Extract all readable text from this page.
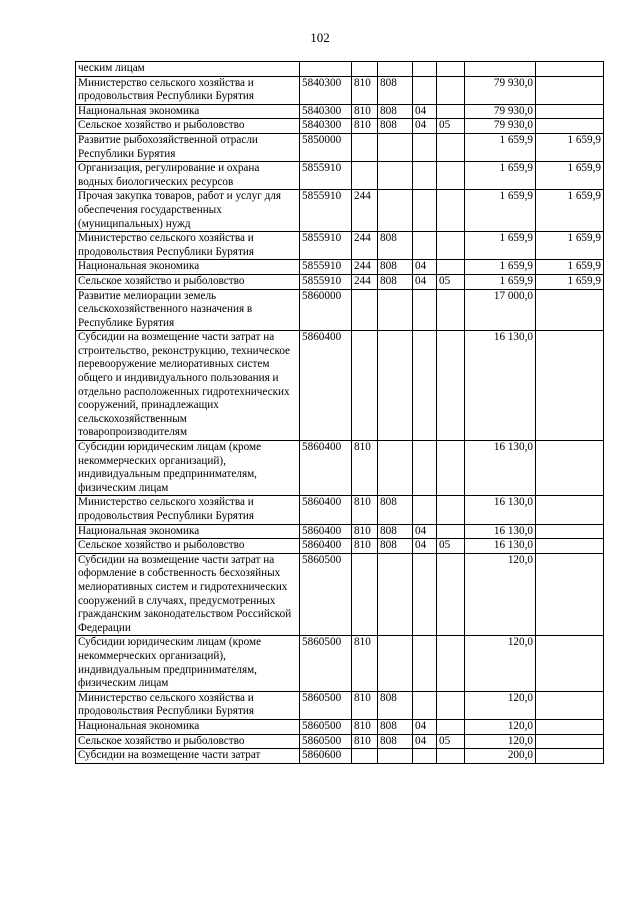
102
ческим лицам							
Министерство сельского хозяйства и продовольствия Республики Бурятия	5840300	810	808			79 930,0	
Национальная экономика	5840300	810	808	04		79 930,0	
Сельское хозяйство и рыболовство	5840300	810	808	04	05	79 930,0	
Развитие рыбохозяйственной отрасли Республики Бурятия	5850000					1 659,9	1 659,9
Организация, регулирование и охрана водных биологических ресурсов	5855910					1 659,9	1 659,9
Прочая закупка товаров, работ и услуг для обеспечения государственных (муниципальных) нужд	5855910	244				1 659,9	1 659,9
Министерство сельского хозяйства и продовольствия Республики Бурятия	5855910	244	808			1 659,9	1 659,9
Национальная экономика	5855910	244	808	04		1 659,9	1 659,9
Сельское хозяйство и рыболовство	5855910	244	808	04	05	1 659,9	1 659,9
Развитие мелиорации земель сельскохозяйственного назначения в Республике Бурятия	5860000					17 000,0	
Субсидии на возмещение части затрат на строительство, реконструкцию, техническое перевооружение мелиоративных систем общего и индивидуального пользования и отдельно расположенных гидротехнических сооружений, принадлежащих сельскохозяйственным товаропроизводителям	5860400					16 130,0	
Субсидии юридическим лицам (кроме некоммерческих организаций), индивидуальным предпринимателям, физическим лицам	5860400	810				16 130,0	
Министерство сельского хозяйства и продовольствия Республики Бурятия	5860400	810	808			16 130,0	
Национальная экономика	5860400	810	808	04		16 130,0	
Сельское хозяйство и рыболовство	5860400	810	808	04	05	16 130,0	
Субсидии на возмещение части затрат на оформление в собственность бесхозяйных мелиоративных систем и гидротехнических сооружений в случаях, предусмотренных гражданским законодательством Российской Федерации	5860500					120,0	
Субсидии юридическим лицам (кроме некоммерческих организаций), индивидуальным предпринимателям, физическим лицам	5860500	810				120,0	
Министерство сельского хозяйства и продовольствия Республики Бурятия	5860500	810	808			120,0	
Национальная экономика	5860500	810	808	04		120,0	
Сельское хозяйство и рыболовство	5860500	810	808	04	05	120,0	
Субсидии на возмещение части затрат	5860600					200,0	
